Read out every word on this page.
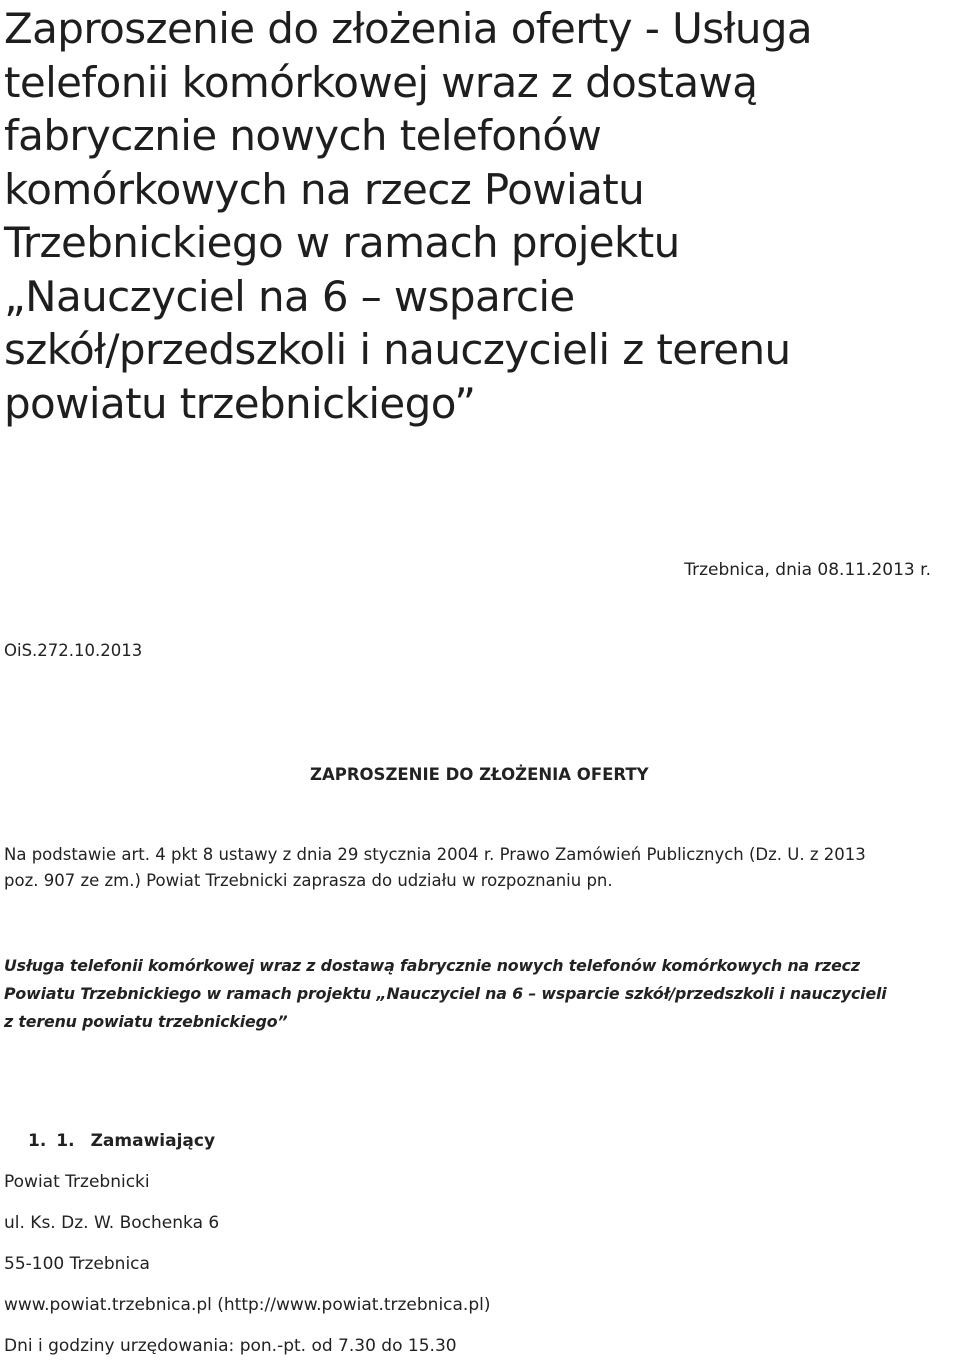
Zaproszenie do złożenia oferty - Usługa
telefonii komórkowej wraz z dostawą
fabrycznie nowych telefonów
komórkowych na rzecz Powiatu
Trzebnickiego w ramach projektu
„Nauczyciel na 6 – wsparcie
szkół/przedszkoli i nauczycieli z terenu
powiatu trzebnickiego”

Trzebnica, dnia 08.11.2013 r.

OiS.272.10.2013

ZAPROSZENIE DO ZŁOŻENIA OFERTY

Na podstawie art. 4 pkt 8 ustawy z dnia 29 stycznia 2004 r. Prawo Zamówień Publicznych (Dz. U. z 2013
poz. 907 ze zm.) Powiat Trzebnicki zaprasza do udziału w rozpoznaniu pn.

Usługa telefonii komórkowej wraz z dostawą fabrycznie nowych telefonów komórkowych na rzecz
Powiatu Trzebnickiego w ramach projektu „Nauczyciel na 6 – wsparcie szkół/przedszkoli i nauczycieli
z terenu powiatu trzebnickiego”

1. 1. Zamawiający

Powiat Trzebnicki

ul. Ks. Dz. W. Bochenka 6

55-100 Trzebnica

www.powiat.trzebnica.pl (http://www.powiat.trzebnica.pl)

Dni i godziny urzędowania: pon.-pt. od 7.30 do 15.30
